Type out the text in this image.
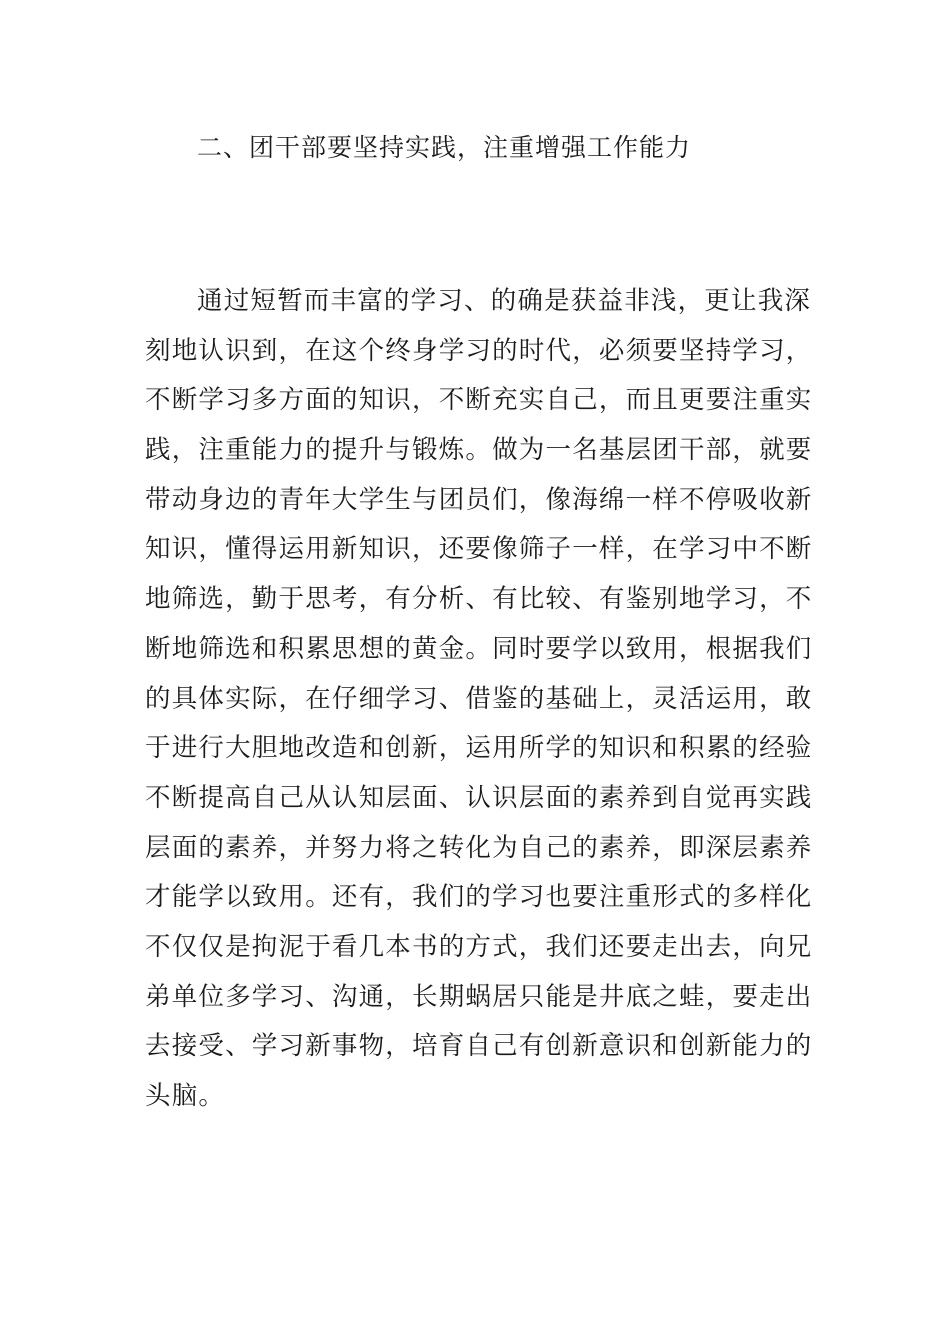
二、团干部要坚持实践，注重增强工作能力
通过短暂而丰富的学习、的确是获益非浅，更让我深
刻地认识到，在这个终身学习的时代，必须要坚持学习，
不断学习多方面的知识，不断充实自己，而且更要注重实
践，注重能力的提升与锻炼。做为一名基层团干部，就要
带动身边的青年大学生与团员们，像海绵一样不停吸收新
知识，懂得运用新知识，还要像筛子一样，在学习中不断
地筛选，勤于思考，有分析、有比较、有鉴别地学习，不
断地筛选和积累思想的黄金。同时要学以致用，根据我们
的具体实际，在仔细学习、借鉴的基础上，灵活运用，敢
于进行大胆地改造和创新，运用所学的知识和积累的经验
不断提高自己从认知层面、认识层面的素养到自觉再实践
层面的素养，并努力将之转化为自己的素养，即深层素养
才能学以致用。还有，我们的学习也要注重形式的多样化
不仅仅是拘泥于看几本书的方式，我们还要走出去，向兄
弟单位多学习、沟通，长期蜗居只能是井底之蛙，要走出
去接受、学习新事物，培育自己有创新意识和创新能力的
头脑。
